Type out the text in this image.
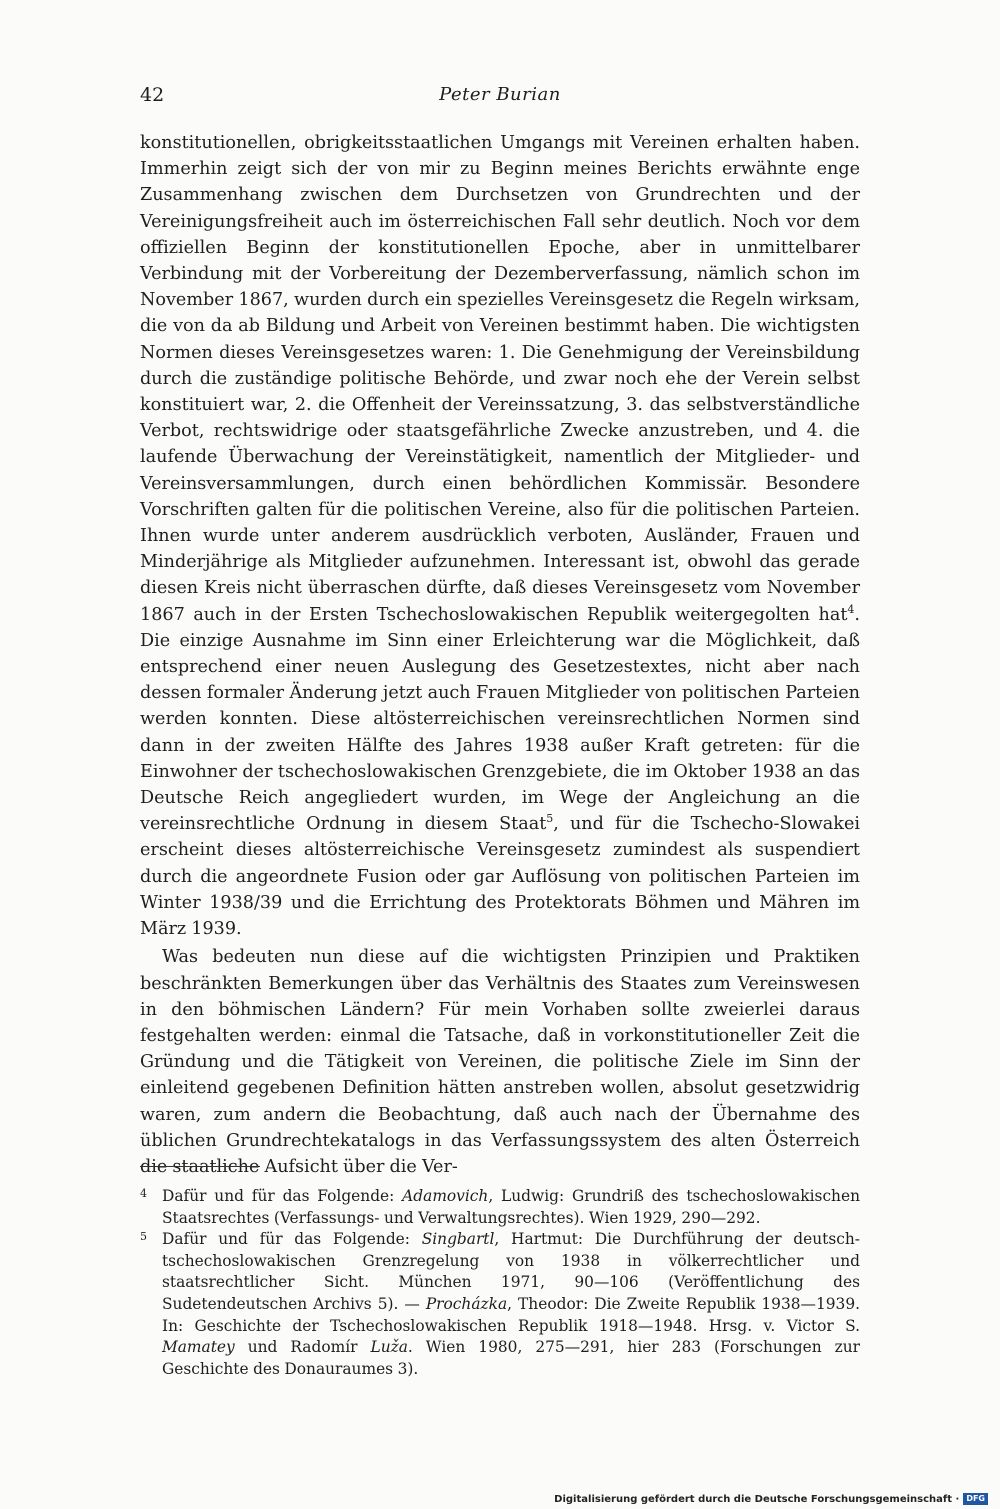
42	Peter Burian

konstitutionellen, obrigkeitsstaatlichen Umgangs mit Vereinen erhalten haben. Immerhin zeigt sich der von mir zu Beginn meines Berichts erwähnte enge Zusammenhang zwischen dem Durchsetzen von Grundrechten und der Vereinigungsfreiheit auch im österreichischen Fall sehr deutlich. Noch vor dem offiziellen Beginn der konstitutionellen Epoche, aber in unmittelbarer Verbindung mit der Vorbereitung der Dezemberverfassung, nämlich schon im November 1867, wurden durch ein spezielles Vereinsgesetz die Regeln wirksam, die von da ab Bildung und Arbeit von Vereinen bestimmt haben. Die wichtigsten Normen dieses Vereinsgesetzes waren: 1. Die Genehmigung der Vereinsbildung durch die zuständige politische Behörde, und zwar noch ehe der Verein selbst konstituiert war, 2. die Offenheit der Vereinssatzung, 3. das selbstverständliche Verbot, rechtswidrige oder staatsgefährliche Zwecke anzustreben, und 4. die laufende Überwachung der Vereinstätigkeit, namentlich der Mitglieder- und Vereinsversammlungen, durch einen behördlichen Kommissär. Besondere Vorschriften galten für die politischen Vereine, also für die politischen Parteien. Ihnen wurde unter anderem ausdrücklich verboten, Ausländer, Frauen und Minderjährige als Mitglieder aufzunehmen. Interessant ist, obwohl das gerade diesen Kreis nicht überraschen dürfte, daß dieses Vereinsgesetz vom November 1867 auch in der Ersten Tschechoslowakischen Republik weitergegolten hat$^4$. Die einzige Ausnahme im Sinn einer Erleichterung war die Möglichkeit, daß entsprechend einer neuen Auslegung des Gesetzestextes, nicht aber nach dessen formaler Änderung jetzt auch Frauen Mitglieder von politischen Parteien werden konnten. Diese altösterreichischen vereinsrechtlichen Normen sind dann in der zweiten Hälfte des Jahres 1938 außer Kraft getreten: für die Einwohner der tschechoslowakischen Grenzgebiete, die im Oktober 1938 an das Deutsche Reich angegliedert wurden, im Wege der Angleichung an die vereinsrechtliche Ordnung in diesem Staat$^5$, und für die Tschecho-Slowakei erscheint dieses altösterreichische Vereinsgesetz zumindest als suspendiert durch die angeordnete Fusion oder gar Auflösung von politischen Parteien im Winter 1938/39 und die Errichtung des Protektorats Böhmen und Mähren im März 1939.

Was bedeuten nun diese auf die wichtigsten Prinzipien und Praktiken beschränkten Bemerkungen über das Verhältnis des Staates zum Vereinswesen in den böhmischen Ländern? Für mein Vorhaben sollte zweierlei daraus festgehalten werden: einmal die Tatsache, daß in vorkonstitutioneller Zeit die Gründung und die Tätigkeit von Vereinen, die politische Ziele im Sinn der einleitend gegebenen Definition hätten anstreben wollen, absolut gesetzwidrig waren, zum andern die Beobachtung, daß auch nach der Übernahme des üblichen Grundrechtekatalogs in das Verfassungssystem des alten Österreich die staatliche Aufsicht über die Ver-

4 Dafür und für das Folgende: Adamovich, Ludwig: Grundriß des tschechoslowakischen Staatsrechtes (Verfassungs- und Verwaltungsrechtes). Wien 1929, 290—292.

5 Dafür und für das Folgende: Singbartl, Hartmut: Die Durchführung der deutsch-tschechoslowakischen Grenzregelung von 1938 in völkerrechtlicher und staatsrechtlicher Sicht. München 1971, 90—106 (Veröffentlichung des Sudetendeutschen Archivs 5). — Procházka, Theodor: Die Zweite Republik 1938—1939. In: Geschichte der Tschechoslowakischen Republik 1918—1948. Hrsg. v. Victor S. Mamatey und Radomír Luža. Wien 1980, 275—291, hier 283 (Forschungen zur Geschichte des Donauraumes 3).

Digitalisierung gefördert durch die Deutsche Forschungsgemeinschaft · DFG
